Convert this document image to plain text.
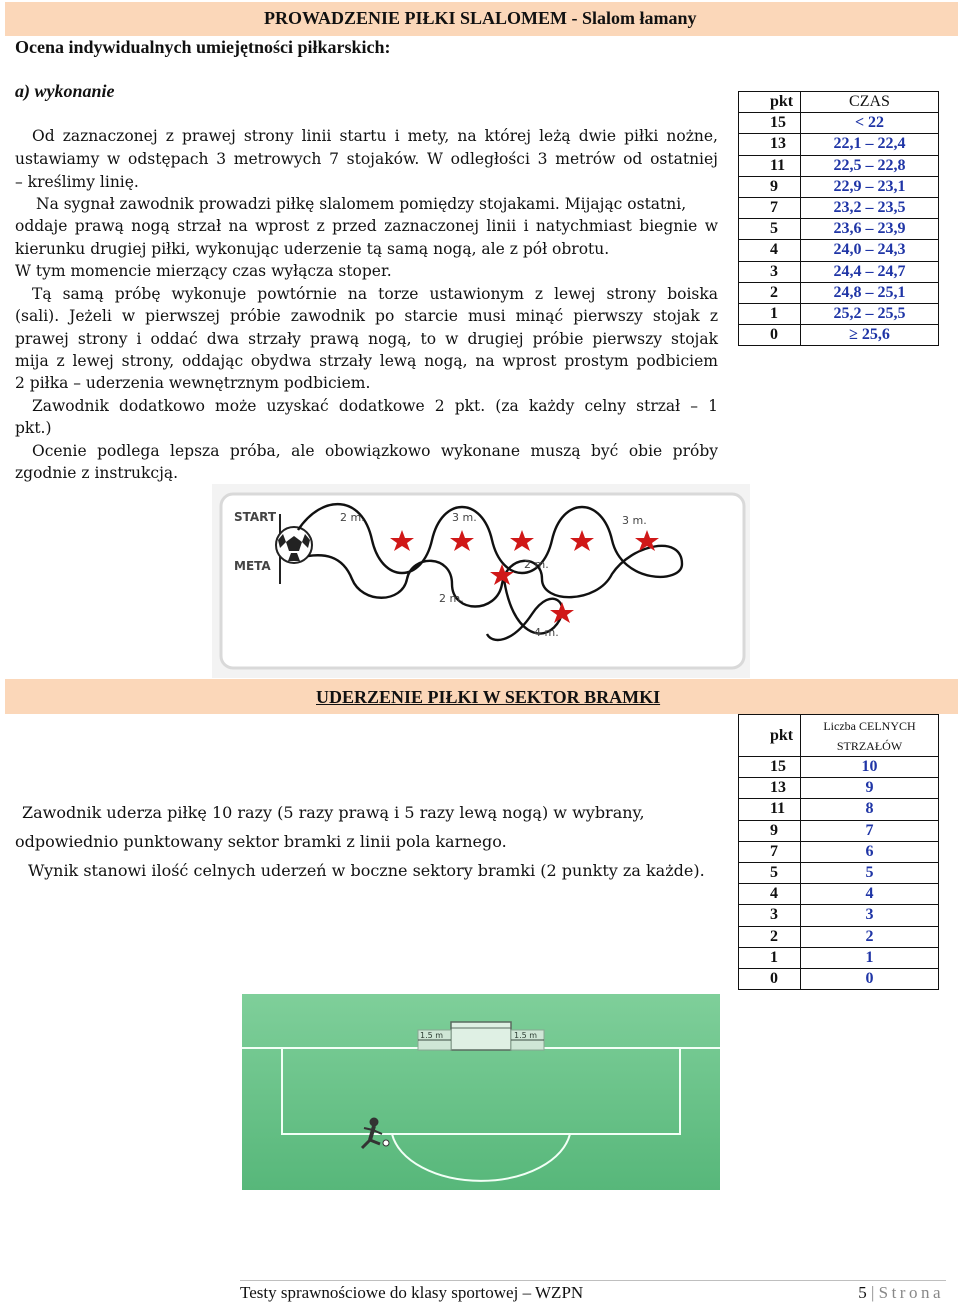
PROWADZENIE PIŁKI SLALOMEM - Slalom łamany
Ocena indywidualnych umiejętności piłkarskich:
a) wykonanie
Od zaznaczonej z prawej strony linii startu i mety, na której leżą dwie piłki nożne,
ustawiamy w odstępach 3 metrowych 7 stojaków. W odległości 3 metrów od ostatniej
– kreślimy linię.
Na sygnał zawodnik prowadzi piłkę slalomem pomiędzy stojakami. Mijając ostatni,
oddaje prawą nogą strzał na wprost z przed zaznaczonej linii i natychmiast biegnie w
kierunku drugiej piłki, wykonując uderzenie tą samą nogą, ale z pół obrotu.
W tym momencie mierzący czas wyłącza stoper.
Tą samą próbę wykonuje powtórnie na torze ustawionym z lewej strony boiska
(sali). Jeżeli w pierwszej próbie zawodnik po starcie musi minąć pierwszy stojak z
prawej strony i oddać dwa strzały prawą nogą, to w drugiej próbie pierwszy stojak
mija z lewej strony, oddając obydwa strzały lewą nogą, na wprost prostym podbiciem
2 piłka – uderzenia wewnętrznym podbiciem.
Zawodnik dodatkowo może uzyskać dodatkowe 2 pkt. (za każdy celny strzał – 1
pkt.)
Ocenie podlega lepsza próba, ale obowiązkowo wykonane muszą być obie próby
zgodnie z instrukcją.
pkt	CZAS
15	< 22
13	22,1 – 22,4
11	22,5 – 22,8
9	22,9 – 23,1
7	23,2 – 23,5
5	23,6 – 23,9
4	24,0 – 24,3
3	24,4 – 24,7
2	24,8 – 25,1
1	25,2 – 25,5
0	≥ 25,6
START
META
2 m.	3 m.
2 m.
2 m.
4 m.
3 m.
UDERZENIE PIŁKI W SEKTOR BRAMKI
Zawodnik uderza piłkę 10 razy (5 razy prawą i 5 razy lewą nogą) w wybrany,
odpowiednio punktowany sektor bramki z linii pola karnego.
Wynik stanowi ilość celnych uderzeń w boczne sektory bramki (2 punkty za każde).
pkt	Liczba CELNYCH
STRZAŁÓW

15	10
13	9
11	8
9	7
7	6
5	5
4	4
3	3
2	2
1	1
0	0
1.5 m	1.5 m
Testy sprawnościowe do klasy sportowej – WZPN	5 | Strona
